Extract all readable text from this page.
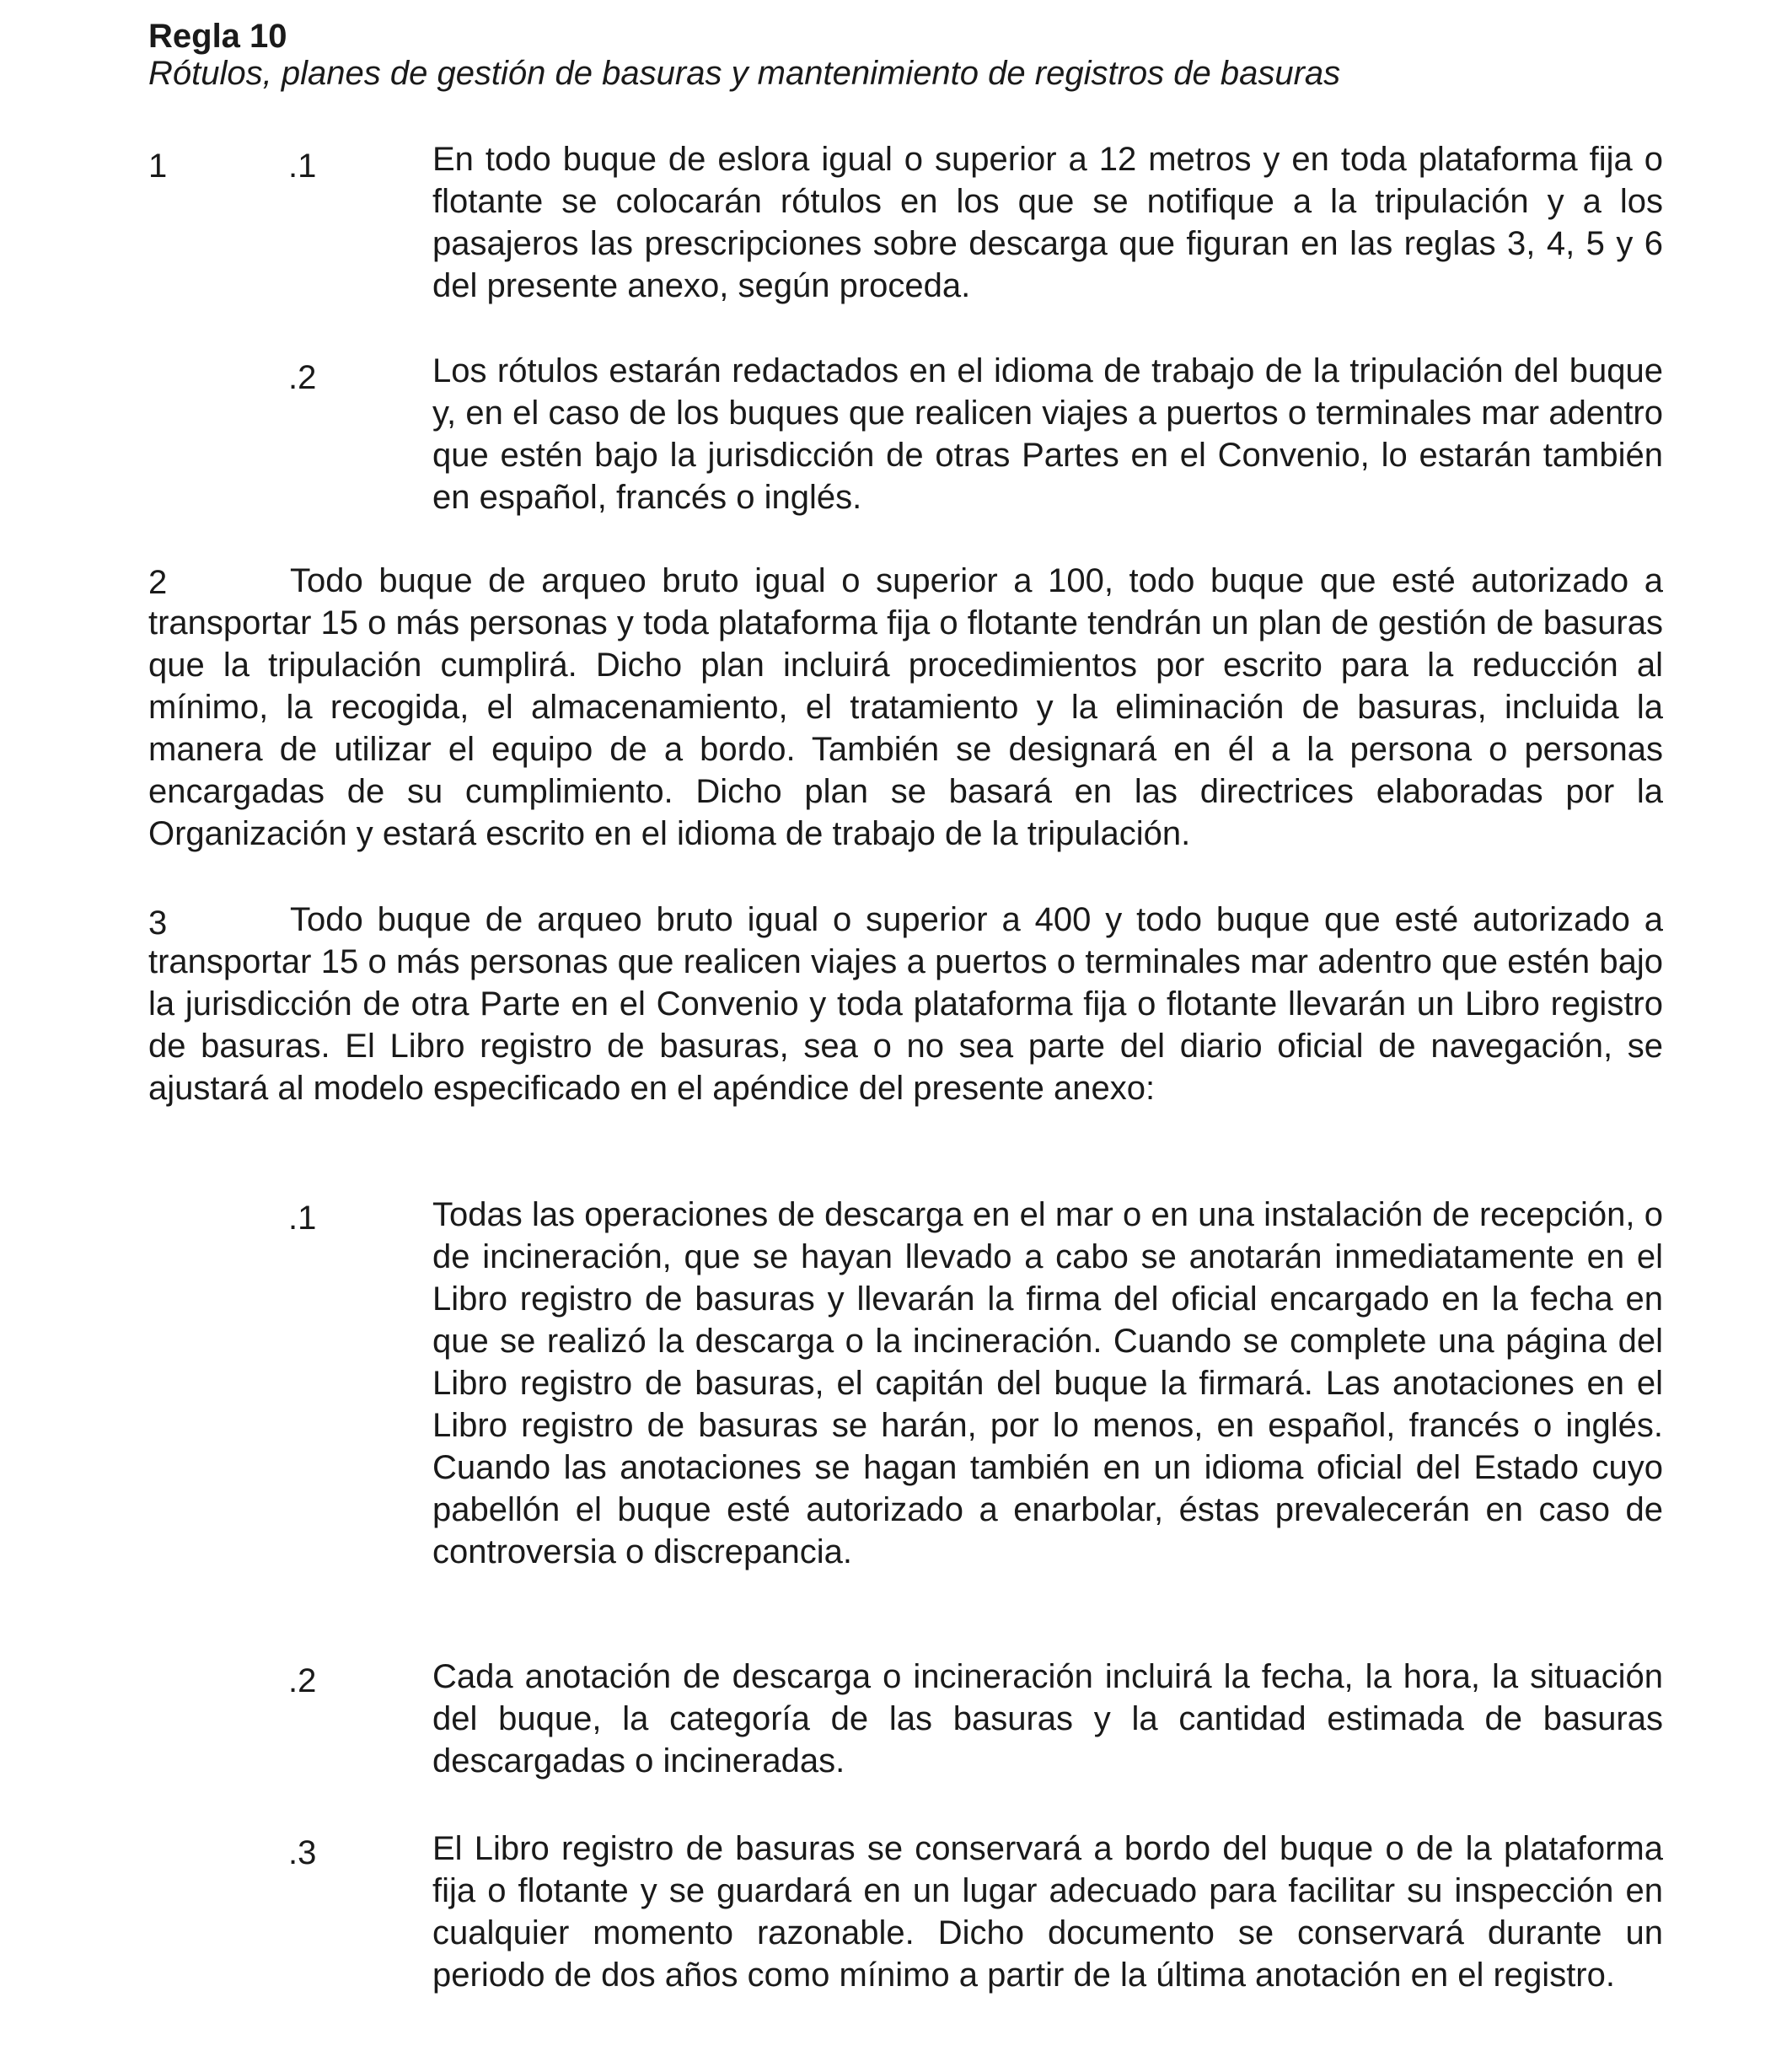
Regla 10
Rótulos, planes de gestión de basuras y mantenimiento de registros de basuras
1	.1	En todo buque de eslora igual o superior a 12 metros y en toda plataforma fija o flotante se colocarán rótulos en los que se notifique a la tripulación y a los pasajeros las prescripciones sobre descarga que figuran en las reglas 3, 4, 5 y 6 del presente anexo, según proceda.
.2	Los rótulos estarán redactados en el idioma de trabajo de la tripulación del buque y, en el caso de los buques que realicen viajes a puertos o terminales mar adentro que estén bajo la jurisdicción de otras Partes en el Convenio, lo estarán también en español, francés o inglés.
2	Todo buque de arqueo bruto igual o superior a 100, todo buque que esté autorizado a transportar 15 o más personas y toda plataforma fija o flotante tendrán un plan de gestión de basuras que la tripulación cumplirá. Dicho plan incluirá procedimientos por escrito para la reducción al mínimo, la recogida, el almacenamiento, el tratamiento y la eliminación de basuras, incluida la manera de utilizar el equipo de a bordo. También se designará en él a la persona o personas encargadas de su cumplimiento. Dicho plan se basará en las directrices elaboradas por la Organización y estará escrito en el idioma de trabajo de la tripulación.
3	Todo buque de arqueo bruto igual o superior a 400 y todo buque que esté autorizado a transportar 15 o más personas que realicen viajes a puertos o terminales mar adentro que estén bajo la jurisdicción de otra Parte en el Convenio y toda plataforma fija o flotante llevarán un Libro registro de basuras. El Libro registro de basuras, sea o no sea parte del diario oficial de navegación, se ajustará al modelo especificado en el apéndice del presente anexo:
.1	Todas las operaciones de descarga en el mar o en una instalación de recepción, o de incineración, que se hayan llevado a cabo se anotarán inmediatamente en el Libro registro de basuras y llevarán la firma del oficial encargado en la fecha en que se realizó la descarga o la incineración. Cuando se complete una página del Libro registro de basuras, el capitán del buque la firmará. Las anotaciones en el Libro registro de basuras se harán, por lo menos, en español, francés o inglés. Cuando las anotaciones se hagan también en un idioma oficial del Estado cuyo pabellón el buque esté autorizado a enarbolar, éstas prevalecerán en caso de controversia o discrepancia.
.2	Cada anotación de descarga o incineración incluirá la fecha, la hora, la situación del buque, la categoría de las basuras y la cantidad estimada de basuras descargadas o incineradas.
.3	El Libro registro de basuras se conservará a bordo del buque o de la plataforma fija o flotante y se guardará en un lugar adecuado para facilitar su inspección en cualquier momento razonable. Dicho documento se conservará durante un periodo de dos años como mínimo a partir de la última anotación en el registro.
